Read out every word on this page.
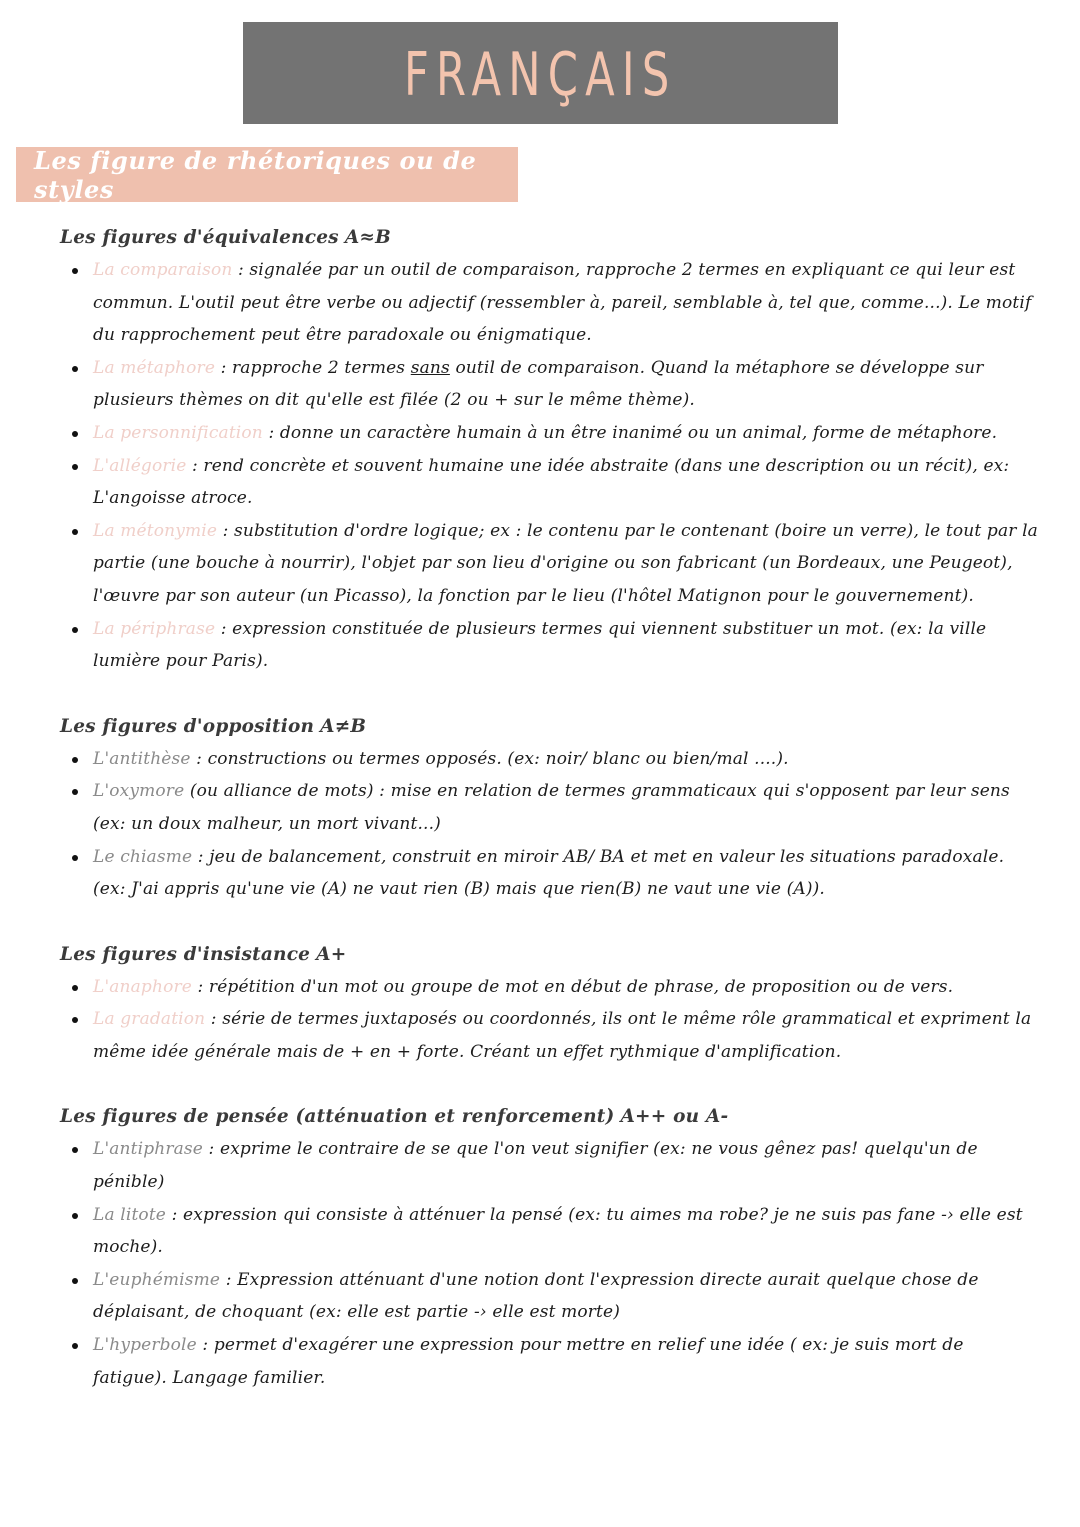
FRANÇAIS
Les figure de rhétoriques ou de styles
Les figures d'équivalences A≈B
La comparaison : signalée par un outil de comparaison, rapproche 2 termes en expliquant ce qui leur est commun. L'outil peut être verbe ou adjectif (ressembler à, pareil, semblable à, tel que, comme...). Le motif du rapprochement peut être paradoxale ou énigmatique.
La métaphore : rapproche 2 termes sans outil de comparaison. Quand la métaphore se développe sur plusieurs thèmes on dit qu'elle est filée (2 ou + sur le même thème).
La personnification : donne un caractère humain à un être inanimé ou un animal, forme de métaphore.
L'allégorie : rend concrète et souvent humaine une idée abstraite (dans une description ou un récit), ex: L'angoisse atroce.
La métonymie : substitution d'ordre logique; ex : le contenu par le contenant (boire un verre), le tout par la partie (une bouche à nourrir), l'objet par son lieu d'origine ou son fabricant (un Bordeaux, une Peugeot), l'œuvre par son auteur (un Picasso), la fonction par le lieu (l'hôtel Matignon pour le gouvernement).
La périphrase : expression constituée de plusieurs termes qui viennent substituer un mot. (ex: la ville lumière pour Paris).
Les figures d'opposition A≠B
L'antithèse : constructions ou termes opposés. (ex: noir/ blanc ou bien/mal ....).
L'oxymore (ou alliance de mots) : mise en relation de termes grammaticaux qui s'opposent par leur sens (ex: un doux malheur, un mort vivant...)
Le chiasme : jeu de balancement, construit en miroir AB/ BA et met en valeur les situations paradoxale. (ex: J'ai appris qu'une vie (A) ne vaut rien (B) mais que rien(B) ne vaut une vie (A)).
Les figures d'insistance A+
L'anaphore : répétition d'un mot ou groupe de mot en début de phrase, de proposition ou de vers.
La gradation : série de termes juxtaposés ou coordonnés, ils ont le même rôle grammatical et expriment la même idée générale mais de + en + forte. Créant un effet rythmique d'amplification.
Les figures de pensée (atténuation et renforcement) A++ ou A-
L'antiphrase : exprime le contraire de se que l'on veut signifier (ex: ne vous gênez pas! quelqu'un de pénible)
La litote : expression qui consiste à atténuer la pensé (ex: tu aimes ma robe? je ne suis pas fane -› elle est moche).
L'euphémisme : Expression atténuant d'une notion dont l'expression directe aurait quelque chose de déplaisant, de choquant (ex: elle est partie -› elle est morte)
L'hyperbole : permet d'exagérer une expression pour mettre en relief une idée ( ex: je suis mort de fatigue). Langage familier.
